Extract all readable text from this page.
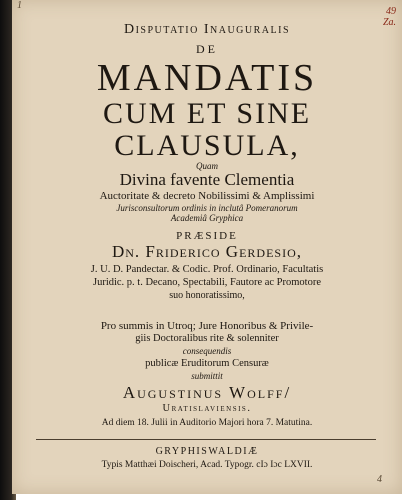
1
49
Za.
4
Disputatio Inauguralis
DE
MANDATIS
CUM ET SINE
CLAUSULA,
Quam
Divina favente Clementia
Auctoritate & decreto Nobilissimi & Amplissimi
Jurisconsultorum ordinis in inclutâ Pomeranorum
Academiâ Gryphica
PRÆSIDE
Dn. Friderico Gerdesio,
J. U. D. Pandectar. & Codic. Prof. Ordinario, Facultatis
Juridic. p. t. Decano, Spectabili, Fautore ac Promotore
suo honoratissimo,
Pro summis in Utroq; Jure Honoribus & Privile-
giis Doctoralibus rite & solenniter
consequendis
publicæ Eruditorum Censuræ
submittit
Augustinus Wolff/
Uratislaviensis.
Ad diem 18. Julii in Auditorio Majori hora 7. Matutina.
GRYPHISWALDIÆ
Typis Matthæi Doischeri, Acad. Typogr. cIɔ Iɔc LXVII.
